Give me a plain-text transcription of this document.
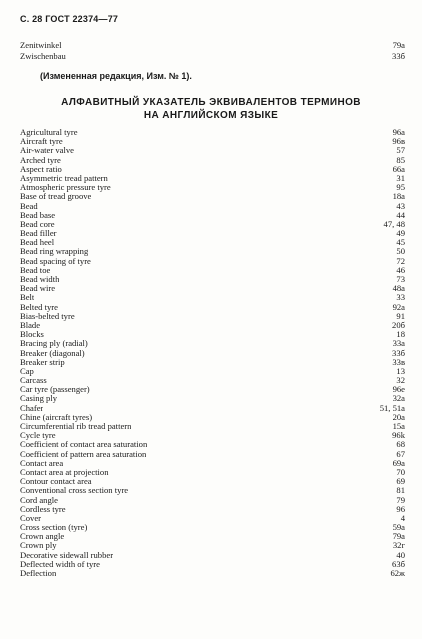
С. 28 ГОСТ 22374—77
Zenitwinkel	79а
Zwischenbau	33б
(Измененная редакция, Изм. № 1).
АЛФАВИТНЫЙ УКАЗАТЕЛЬ ЭКВИВАЛЕНТОВ ТЕРМИНОВ
НА АНГЛИЙСКОМ ЯЗЫКЕ
Agricultural tyre	96а
Aircraft tyre	96в
Air-water valve	57
Arched tyre	85
Aspect ratio	66а
Asymmetric tread pattern	31
Atmospheric pressure tyre	95
Base of tread groove	18а
Bead	43
Bead base	44
Bead core	47, 48
Bead filler	49
Bead heel	45
Bead ring wrapping	50
Bead spacing of tyre	72
Bead toe	46
Bead width	73
Bead wire	48а
Belt	33
Belted tyre	92а
Bias-belted tyre	91
Blade	20б
Blocks	18
Bracing ply (radial)	33а
Breaker (diagonal)	33б
Breaker strip	33в
Cap	13
Carcass	32
Car tyre (passenger)	96е
Casing ply	32а
Chafer	51, 51а
Chine (aircraft tyres)	20а
Circumferential rib tread pattern	15а
Cycle tyre	96k
Coefficient of contact area saturation	68
Coefficient of pattern area saturation	67
Contact area	69а
Contact area at projection	70
Contour contact area	69
Conventional cross section tyre	81
Cord angle	79
Cordless tyre	96
Cover	4
Cross section (tyre)	59а
Crown angle	79а
Crown ply	32г
Decorative sidewall rubber	40
Deflected width of tyre	63б
Deflection	62ж
